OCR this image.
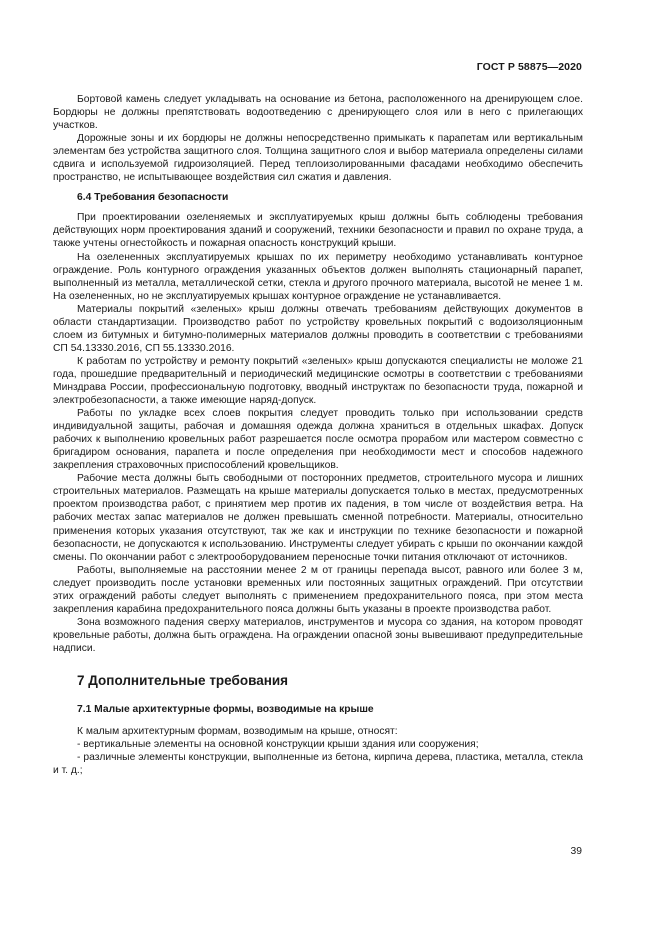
ГОСТ Р 58875—2020

Бортовой камень следует укладывать на основание из бетона, расположенного на дренирующем слое. Бордюры не должны препятствовать водоотведению с дренирующего слоя или в него с прилегающих участков.

Дорожные зоны и их бордюры не должны непосредственно примыкать к парапетам или вертикальным элементам без устройства защитного слоя. Толщина защитного слоя и выбор материала определены силами сдвига и используемой гидроизоляцией. Перед теплоизолированными фасадами необходимо обеспечить пространство, не испытывающее воздействия сил сжатия и давления.

6.4 Требования безопасности

При проектировании озеленяемых и эксплуатируемых крыш должны быть соблюдены требования действующих норм проектирования зданий и сооружений, техники безопасности и правил по охране труда, а также учтены огнестойкость и пожарная опасность конструкций крыши.

На озелененных эксплуатируемых крышах по их периметру необходимо устанавливать контурное ограждение. Роль контурного ограждения указанных объектов должен выполнять стационарный парапет, выполненный из металла, металлической сетки, стекла и другого прочного материала, высотой не менее 1 м. На озелененных, но не эксплуатируемых крышах контурное ограждение не устанавливается.

Материалы покрытий «зеленых» крыш должны отвечать требованиям действующих документов в области стандартизации. Производство работ по устройству кровельных покрытий с водоизоляционным слоем из битумных и битумно-полимерных материалов должны проводить в соответствии с требованиями СП 54.13330.2016, СП 55.13330.2016.

К работам по устройству и ремонту покрытий «зеленых» крыш допускаются специалисты не моложе 21 года, прошедшие предварительный и периодический медицинские осмотры в соответствии с требованиями Минздрава России, профессиональную подготовку, вводный инструктаж по безопасности труда, пожарной и электробезопасности, а также имеющие наряд-допуск.

Работы по укладке всех слоев покрытия следует проводить только при использовании средств индивидуальной защиты, рабочая и домашняя одежда должна храниться в отдельных шкафах. Допуск рабочих к выполнению кровельных работ разрешается после осмотра прорабом или мастером совместно с бригадиром основания, парапета и после определения при необходимости мест и способов надежного закрепления страховочных приспособлений кровельщиков.

Рабочие места должны быть свободными от посторонних предметов, строительного мусора и лишних строительных материалов. Размещать на крыше материалы допускается только в местах, предусмотренных проектом производства работ, с принятием мер против их падения, в том числе от воздействия ветра. На рабочих местах запас материалов не должен превышать сменной потребности. Материалы, относительно применения которых указания отсутствуют, так же как и инструкции по технике безопасности и пожарной безопасности, не допускаются к использованию. Инструменты следует убирать с крыши по окончании каждой смены. По окончании работ с электрооборудованием переносные точки питания отключают от источников.

Работы, выполняемые на расстоянии менее 2 м от границы перепада высот, равного или более 3 м, следует производить после установки временных или постоянных защитных ограждений. При отсутствии этих ограждений работы следует выполнять с применением предохранительного пояса, при этом места закрепления карабина предохранительного пояса должны быть указаны в проекте производства работ.

Зона возможного падения сверху материалов, инструментов и мусора со здания, на котором проводят кровельные работы, должна быть ограждена. На ограждении опасной зоны вывешивают предупредительные надписи.

7 Дополнительные требования
7.1 Малые архитектурные формы, возводимые на крыше

К малым архитектурным формам, возводимым на крыше, относят:

- вертикальные элементы на основной конструкции крыши здания или сооружения;

- различные элементы конструкции, выполненные из бетона, кирпича дерева, пластика, металла, стекла и т. д.;

39
